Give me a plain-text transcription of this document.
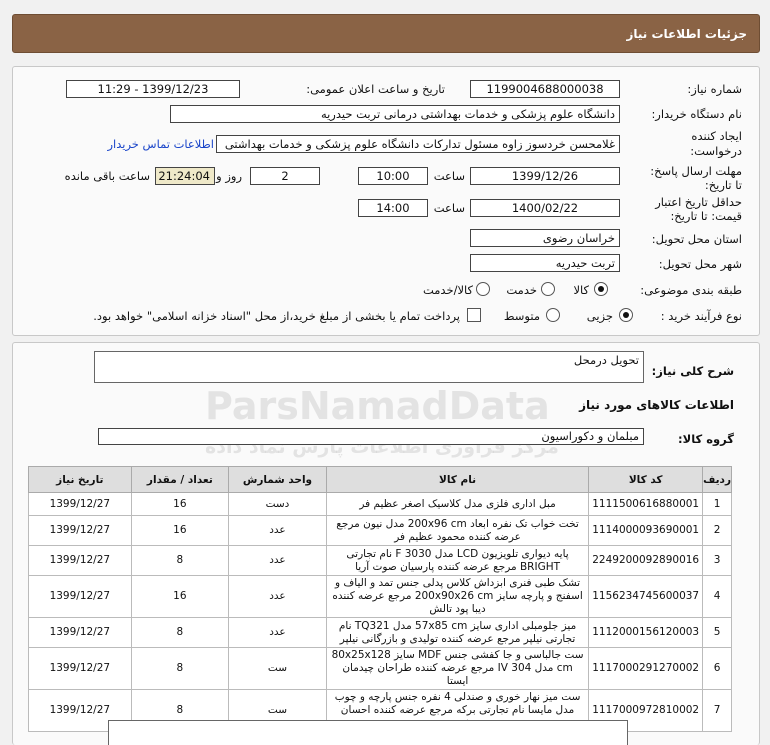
جزئیات اطلاعات نیاز
شماره نیاز:
1199004688000038
تاریخ و ساعت اعلان عمومی:
1399/12/23 - 11:29
نام دستگاه خریدار:
دانشگاه علوم پزشکی و خدمات بهداشتی درمانی تربت حیدریه
ایجاد کننده
درخواست:
غلامحسن خردسوز زاوه مسئول تدارکات دانشگاه علوم پزشکی و خدمات بهداشتی
اطلاعات تماس خریدار
مهلت ارسال پاسخ:
تا تاریخ:
1399/12/26
ساعت
10:00
2
روز و
21:24:04
ساعت باقی مانده
حداقل تاریخ اعتبار
قیمت: تا تاریخ:
1400/02/22
ساعت
14:00
استان محل تحویل:
خراسان رضوی
شهر محل تحویل:
تربت حیدریه
طبقه بندی موضوعی:
کالا
خدمت
کالا/خدمت
نوع فرآیند خرید :
جزیی
متوسط
پرداخت تمام یا بخشی از مبلغ خرید،از محل "اسناد خزانه اسلامی" خواهد بود.
شرح کلی نیاز:
تحویل درمحل
اطلاعات کالاهای مورد نیاز
گروه کالا:
مبلمان و دکوراسیون
ردیف	کد کالا	نام کالا	واحد شمارش	تعداد / مقدار	تاریخ نیاز
1	1111500616880001	مبل اداری فلزی مدل کلاسیک اصغر عظیم فر	دست	16	1399/12/27
2	1114000093690001	تخت خواب تک نفره ابعاد 200x96 cm مدل نیون مرجع عرضه کننده محمود عظیم فر	عدد	16	1399/12/27
3	2249200092890016	پایه دیواری تلویزیون LCD مدل F 3030 نام تجارتی BRIGHT مرجع عرضه کننده پارسیان صوت آریا	عدد	8	1399/12/27
4	1156234745600037	تشک طبی فنری ابزداش کلاس پدلی جنس تمد و الیاف و اسفنج و پارچه سایز 200x90x26 cm مرجع عرضه کننده دیبا پود تالش	عدد	16	1399/12/27
5	1112000156120003	میز جلومبلی اداری سایز 57x85 cm مدل TQ321 نام تجارتی نیلپر مرجع عرضه کننده تولیدی و بازرگانی نیلپر	عدد	8	1399/12/27
6	1117000291270002	ست جالباسی و جا کفشی جنس MDF سایز 80x25x128 cm مدل IV 304 مرجع عرضه کننده طراحان چیدمان ایستا	ست	8	1399/12/27
7	1117000972810002	ست میز نهار خوری و صندلی 4 نفره جنس پارچه و چوب مدل مایسا نام تجارتی برکه مرجع عرضه کننده احسان	ست	8	1399/12/27
